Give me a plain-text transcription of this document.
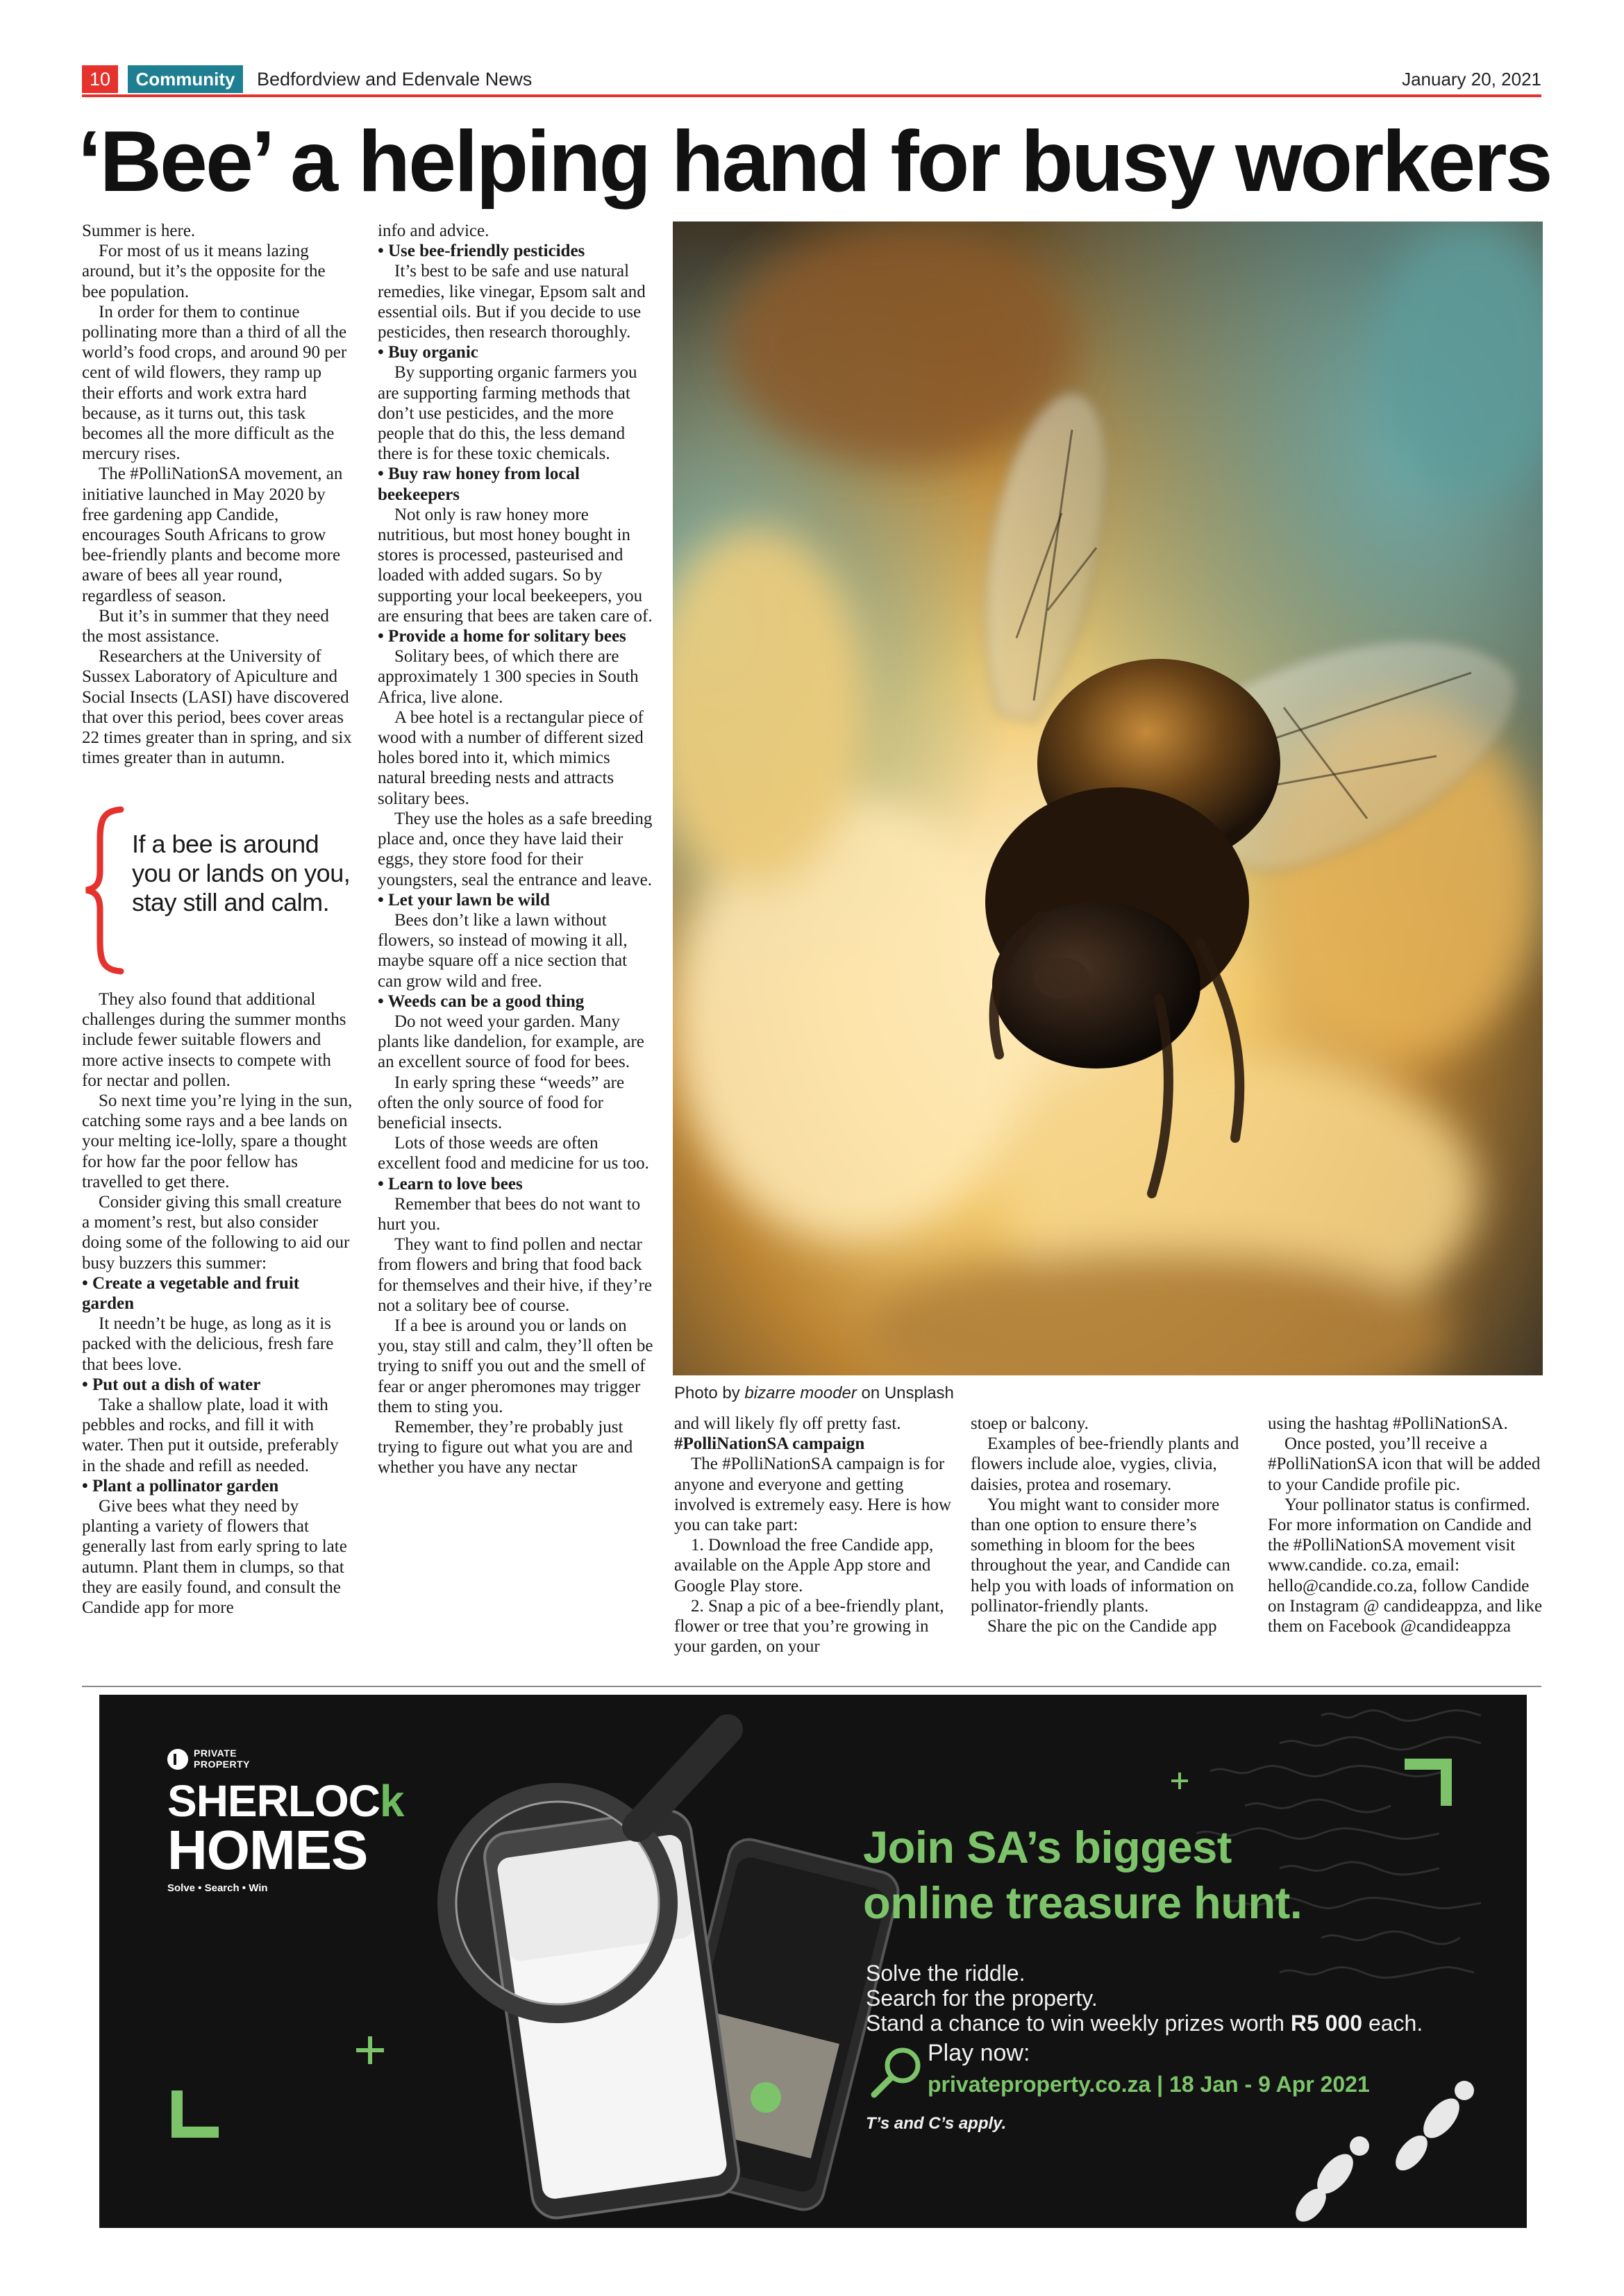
10	Community	Bedfordview and Edenvale News	January 20, 2021
‘Bee’ a helping hand for busy workers

Summer is here.

For most of us it means lazing around, but it’s the opposite for the bee population.

In order for them to continue pollinating more than a third of all the world’s food crops, and around 90 per cent of wild flowers, they ramp up their efforts and work extra hard because, as it turns out, this task becomes all the more difficult as the mercury rises.

The #PolliNationSA movement, an initiative launched in May 2020 by free gardening app Candide, encourages South Africans to grow bee-friendly plants and become more aware of bees all year round, regardless of season.

But it’s in summer that they need the most assistance.

Researchers at the University of Sussex Laboratory of Apiculture and Social Insects (LASI) have discovered that over this period, bees cover areas 22 times greater than in spring, and six times greater than in autumn.

If a bee is around you or lands on you, stay still and calm.

They also found that additional challenges during the summer months include fewer suitable flowers and more active insects to compete with for nectar and pollen.

So next time you’re lying in the sun, catching some rays and a bee lands on your melting ice-lolly, spare a thought for how far the poor fellow has travelled to get there.

Consider giving this small creature a moment’s rest, but also consider doing some of the following to aid our busy buzzers this summer:

• Create a vegetable and fruit garden

It needn’t be huge, as long as it is packed with the delicious, fresh fare that bees love.

• Put out a dish of water

Take a shallow plate, load it with pebbles and rocks, and fill it with water. Then put it outside, preferably in the shade and refill as needed.

• Plant a pollinator garden

Give bees what they need by planting a variety of flowers that generally last from early spring to late autumn. Plant them in clumps, so that they are easily found, and consult the Candide app for more

info and advice.

• Use bee-friendly pesticides

It’s best to be safe and use natural remedies, like vinegar, Epsom salt and essential oils. But if you decide to use pesticides, then research thoroughly.

• Buy organic

By supporting organic farmers you are supporting farming methods that don’t use pesticides, and the more people that do this, the less demand there is for these toxic chemicals.

• Buy raw honey from local beekeepers

Not only is raw honey more nutritious, but most honey bought in stores is processed, pasteurised and loaded with added sugars. So by supporting your local beekeepers, you are ensuring that bees are taken care of.

• Provide a home for solitary bees

Solitary bees, of which there are approximately 1 300 species in South Africa, live alone.

A bee hotel is a rectangular piece of wood with a number of different sized holes bored into it, which mimics natural breeding nests and attracts solitary bees.

They use the holes as a safe breeding place and, once they have laid their eggs, they store food for their youngsters, seal the entrance and leave.

• Let your lawn be wild

Bees don’t like a lawn without flowers, so instead of mowing it all, maybe square off a nice section that can grow wild and free.

• Weeds can be a good thing

Do not weed your garden. Many plants like dandelion, for example, are an excellent source of food for bees.

In early spring these “weeds” are often the only source of food for beneficial insects.

Lots of those weeds are often excellent food and medicine for us too.

• Learn to love bees

Remember that bees do not want to hurt you.

They want to find pollen and nectar from flowers and bring that food back for themselves and their hive, if they’re not a solitary bee of course.

If a bee is around you or lands on you, stay still and calm, they’ll often be trying to sniff you out and the smell of fear or anger pheromones may trigger them to sting you.

Remember, they’re probably just trying to figure out what you are and whether you have any nectar

Photo by bizarre mooder on Unsplash

and will likely fly off pretty fast.

#PolliNationSA campaign

The #PolliNationSA campaign is for anyone and everyone and getting involved is extremely easy. Here is how you can take part:

1. Download the free Candide app, available on the Apple App store and Google Play store.

2. Snap a pic of a bee-friendly plant, flower or tree that you’re growing in your garden, on your

stoep or balcony.

Examples of bee-friendly plants and flowers include aloe, vygies, clivia, daisies, protea and rosemary.

You might want to consider more than one option to ensure there’s something in bloom for the bees throughout the year, and Candide can help you with loads of information on pollinator-friendly plants.

Share the pic on the Candide app

using the hashtag #PolliNationSA.

Once posted, you’ll receive a #PolliNationSA icon that will be added to your Candide profile pic.

Your pollinator status is confirmed. For more information on Candide and the #PolliNationSA movement visit www.candide. co.za, email: hello@candide.co.za, follow Candide on Instagram @ candideappza, and like them on Facebook @candideappza

PRIVATE
PROPERTY
SHERLOCk
HOMES
Solve • Search • Win
Join SA’s biggest
online treasure hunt.
Solve the riddle.
Search for the property.
Stand a chance to win weekly prizes worth R5 000 each.
Play now:
privateproperty.co.za | 18 Jan - 9 Apr 2021
T’s and C’s apply.
